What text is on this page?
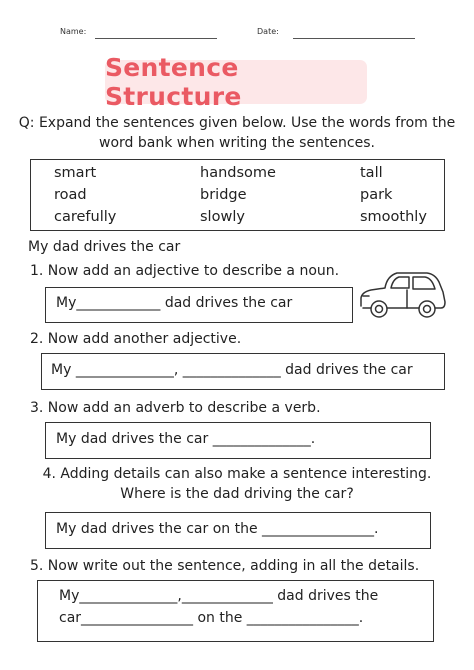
Name:	Date:
Sentence Structure
Q: Expand the sentences given below. Use the words from the
word bank when writing the sentences.
smart	handsome	tall
road	bridge	park
carefully	slowly	smoothly
My dad drives the car
1. Now add an adjective to describe a noun.
My____________ dad drives the car
2. Now add another adjective.
My ______________, ______________ dad drives the car
3. Now add an adverb to describe a verb.
My dad drives the car ______________.
4. Adding details can also make a sentence interesting.
Where is the dad driving the car?
My dad drives the car on the ________________.
5. Now write out the sentence, adding in all the details.
My______________,_____________ dad drives the
car________________ on the ________________.
